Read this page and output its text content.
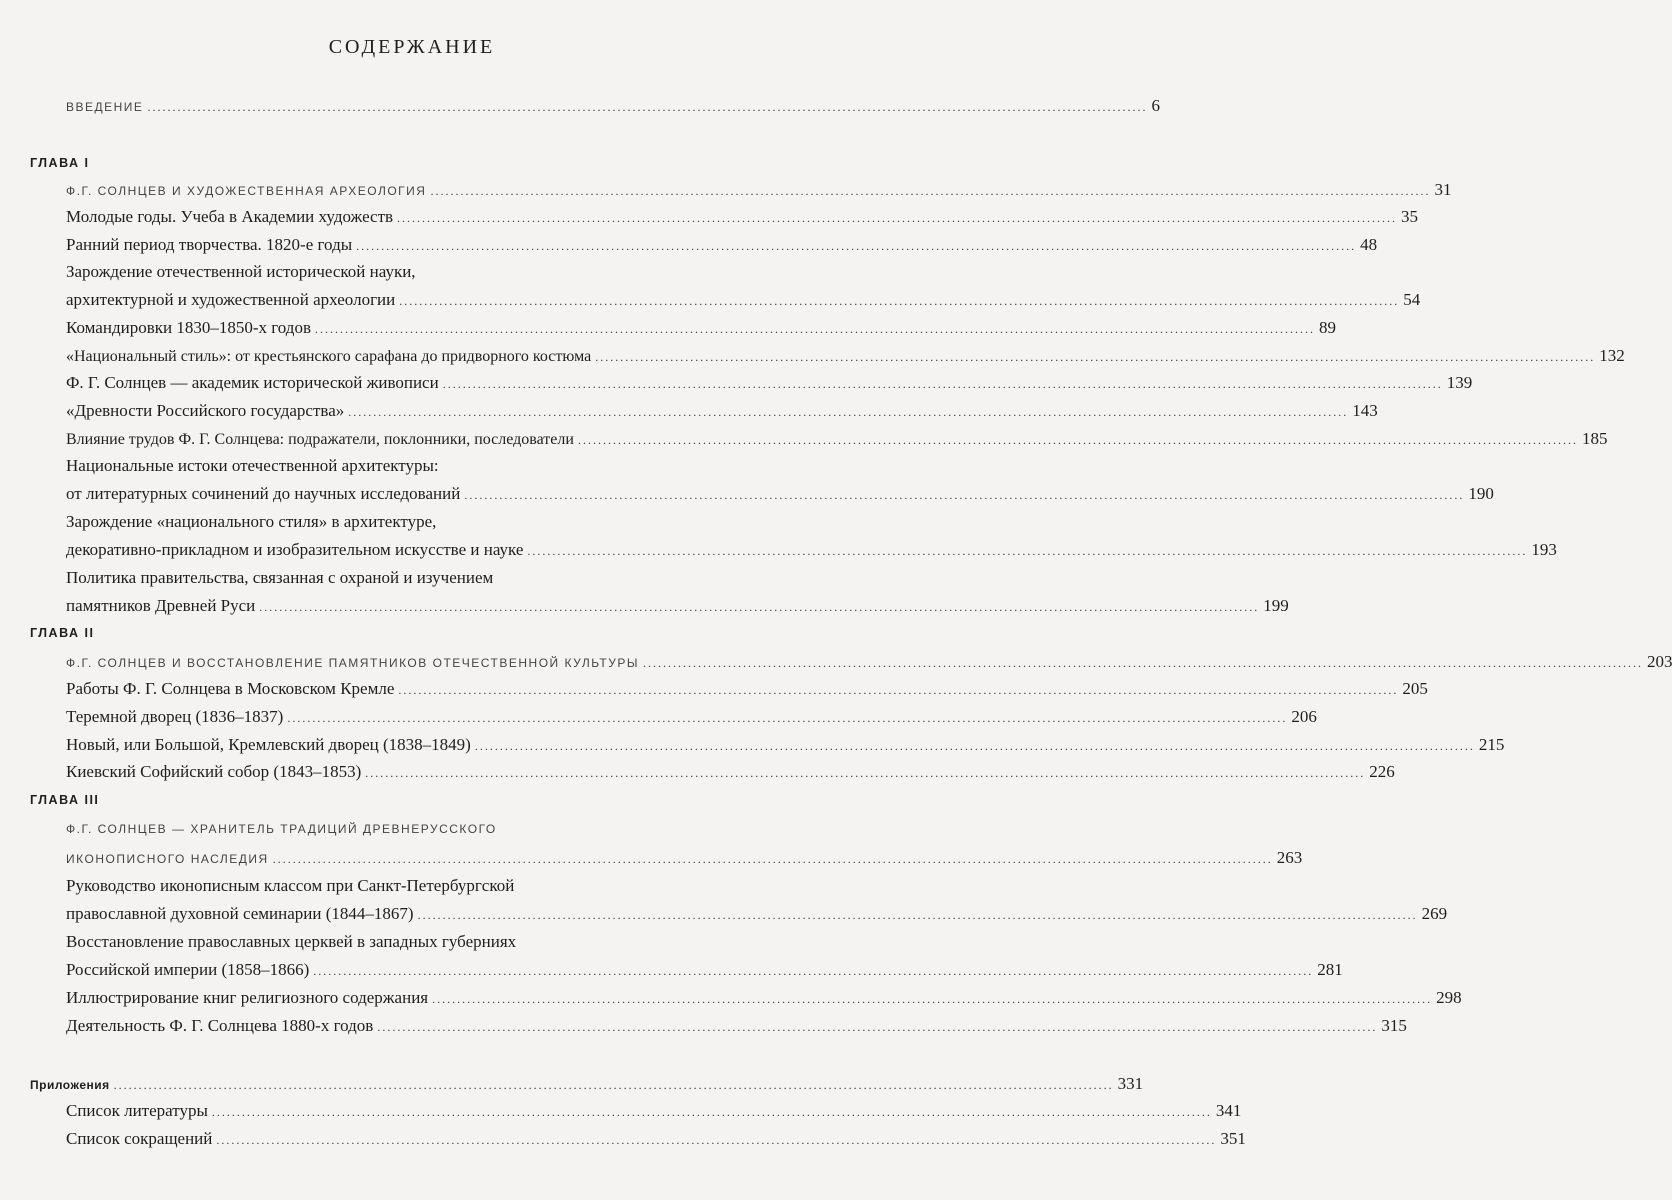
СОДЕРЖАНИЕ
ВВЕДЕНИЕ ........................................................................................................................................................................................................ 6
ГЛАВА I
Ф.Г. СОЛНЦЕВ И ХУДОЖЕСТВЕННАЯ АРХЕОЛОГИЯ ........................................................................................................................................................................................................ 31
Молодые годы. Учеба в Академии художеств ........................................................................................................................................................................................................ 35
Ранний период творчества. 1820-е годы ........................................................................................................................................................................................................ 48
Зарождение отечественной исторической науки,
архитектурной и художественной археологии ........................................................................................................................................................................................................ 54
Командировки 1830–1850-х годов ........................................................................................................................................................................................................ 89
«Национальный стиль»: от крестьянского сарафана до придворного костюма ........................................................................................................................................................................................................ 132
Ф. Г. Солнцев — академик исторической живописи ........................................................................................................................................................................................................ 139
«Древности Российского государства» ........................................................................................................................................................................................................ 143
Влияние трудов Ф. Г. Солнцева: подражатели, поклонники, последователи ........................................................................................................................................................................................................ 185
Национальные истоки отечественной архитектуры:
от литературных сочинений до научных исследований ........................................................................................................................................................................................................ 190
Зарождение «национального стиля» в архитектуре,
декоративно-прикладном и изобразительном искусстве и науке ........................................................................................................................................................................................................ 193
Политика правительства, связанная с охраной и изучением
памятников Древней Руси ........................................................................................................................................................................................................ 199
ГЛАВА II
Ф.Г. СОЛНЦЕВ И ВОССТАНОВЛЕНИЕ ПАМЯТНИКОВ ОТЕЧЕСТВЕННОЙ КУЛЬТУРЫ ........................................................................................................................................................................................................ 203
Работы Ф. Г. Солнцева в Московском Кремле ........................................................................................................................................................................................................ 205
Теремной дворец (1836–1837) ........................................................................................................................................................................................................ 206
Новый, или Большой, Кремлевский дворец (1838–1849) ........................................................................................................................................................................................................ 215
Киевский Софийский собор (1843–1853) ........................................................................................................................................................................................................ 226
ГЛАВА III
Ф.Г. СОЛНЦЕВ — ХРАНИТЕЛЬ ТРАДИЦИЙ ДРЕВНЕРУССКОГО
ИКОНОПИСНОГО НАСЛЕДИЯ ........................................................................................................................................................................................................ 263
Руководство иконописным классом при Санкт-Петербургской
православной духовной семинарии (1844–1867) ........................................................................................................................................................................................................ 269
Восстановление православных церквей в западных губерниях
Российской империи (1858–1866) ........................................................................................................................................................................................................ 281
Иллюстрирование книг религиозного содержания ........................................................................................................................................................................................................ 298
Деятельность Ф. Г. Солнцева 1880-х годов ........................................................................................................................................................................................................ 315
Приложения ........................................................................................................................................................................................................ 331
Список литературы ........................................................................................................................................................................................................ 341
Список сокращений ........................................................................................................................................................................................................ 351
